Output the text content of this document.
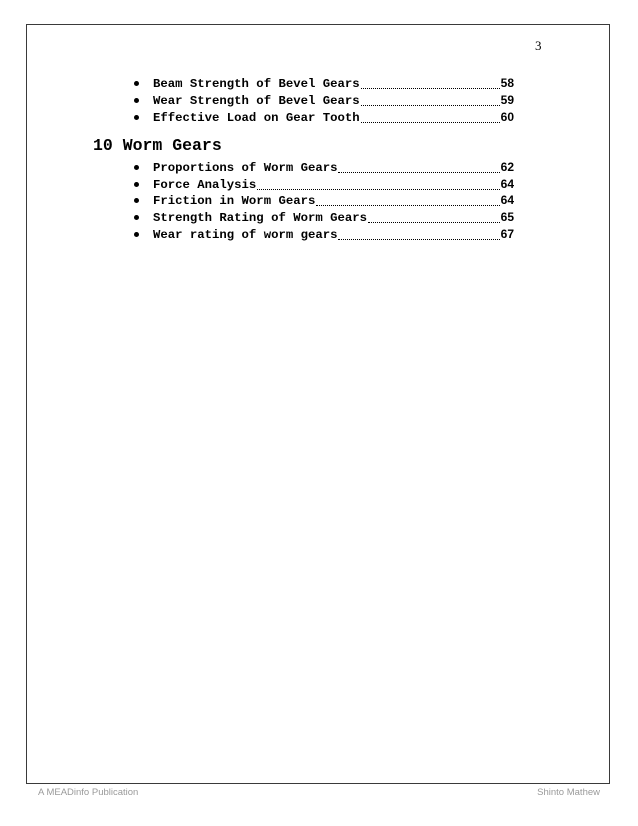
3
Beam Strength of Bevel Gears	58
Wear Strength of Bevel Gears	59
Effective Load on Gear Tooth	60
10 Worm Gears
Proportions of Worm Gears	62
Force Analysis	64
Friction in Worm Gears	64
Strength Rating of Worm Gears	65
Wear rating of worm gears	67
A MEADinfo Publication	Shinto Mathew
